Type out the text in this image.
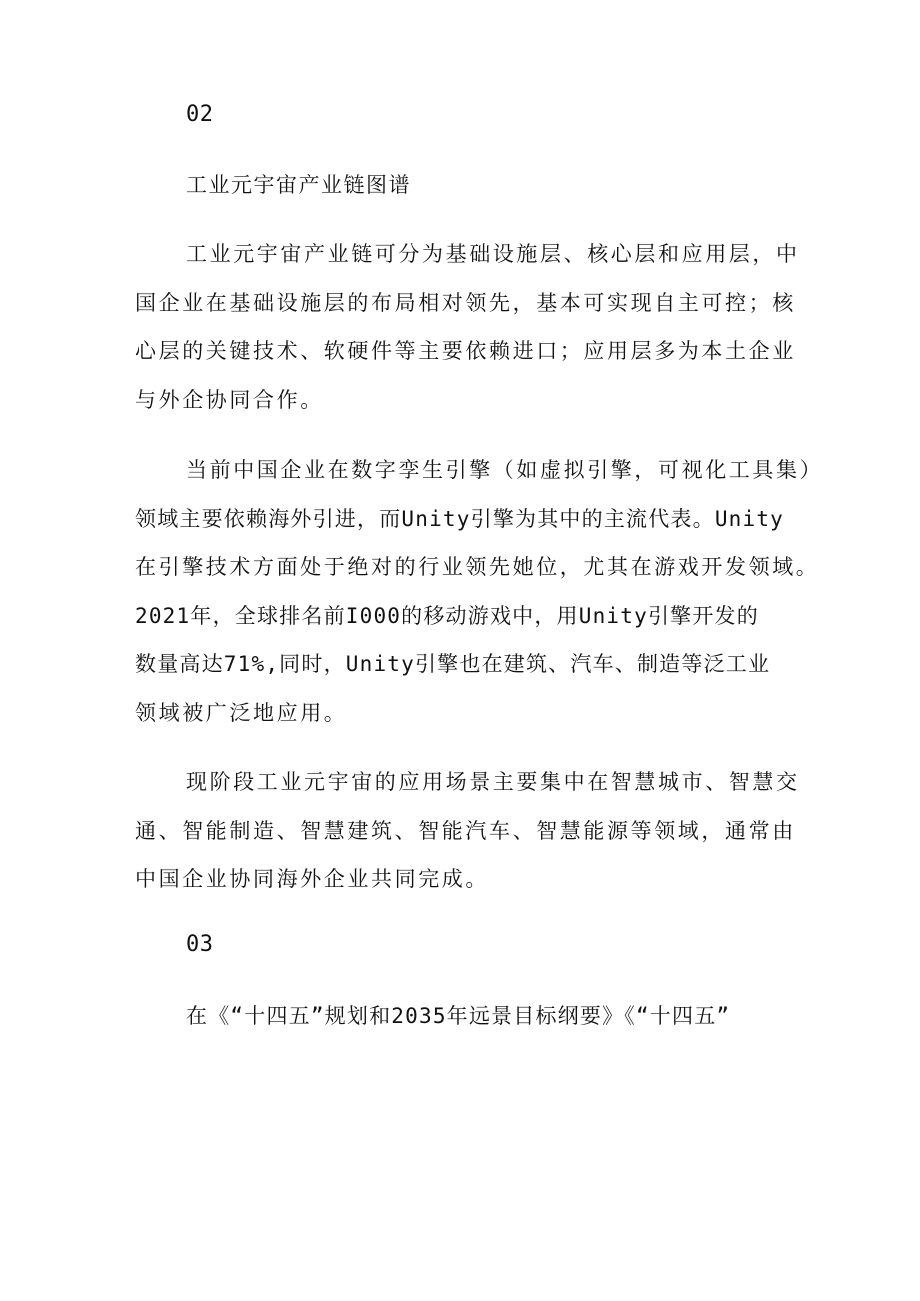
02
工业元宇宙产业链图谱
工业元宇宙产业链可分为基础设施层、核心层和应用层，中
国企业在基础设施层的布局相对领先，基本可实现自主可控；核
心层的关键技术、软硬件等主要依赖进口；应用层多为本土企业
与外企协同合作。
当前中国企业在数字孪生引擎（如虚拟引擎，可视化工具集）
领域主要依赖海外引进，而Unity引擎为其中的主流代表。Unity
在引擎技术方面处于绝对的行业领先她位，尤其在游戏开发领域。
2021年，全球排名前I000的移动游戏中，用Unity引擎开发的
数量高达71%,同时，Unity引擎也在建筑、汽车、制造等泛工业
领域被广泛地应用。
现阶段工业元宇宙的应用场景主要集中在智慧城市、智慧交
通、智能制造、智慧建筑、智能汽车、智慧能源等领域，通常由
中国企业协同海外企业共同完成。
03
在《“十四五”规划和2035年远景目标纲要》《“十四五”
